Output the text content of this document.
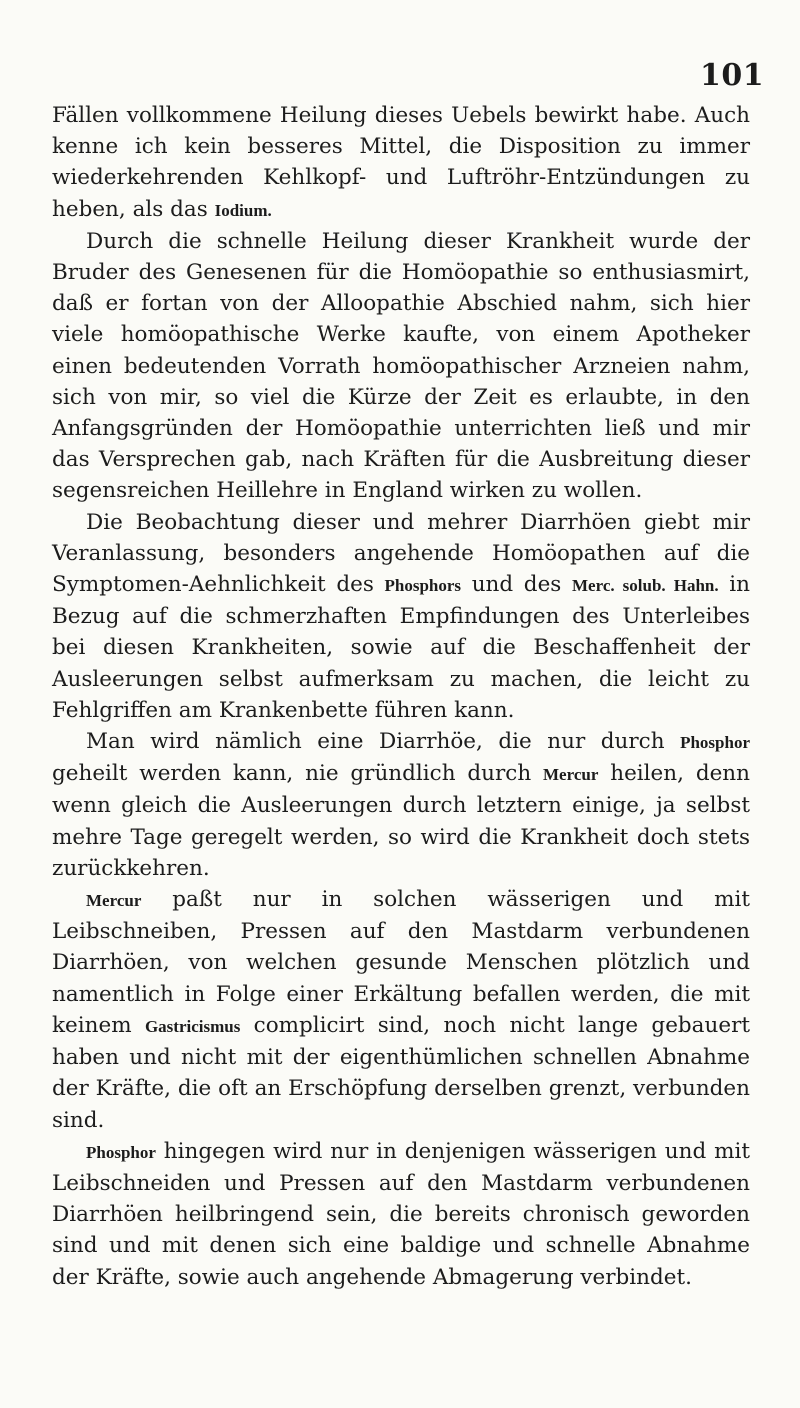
101

Fällen vollkommene Heilung dieses Uebels bewirkt habe. Auch kenne ich kein besseres Mittel, die Disposition zu immer wiederkehrenden Kehlkopf- und Luftröhr-Entzündungen zu heben, als das Iodium.

Durch die schnelle Heilung dieser Krankheit wurde der Bruder des Genesenen für die Homöopathie so enthusiasmirt, daß er fortan von der Alloopathie Abschied nahm, sich hier viele homöopathische Werke kaufte, von einem Apotheker einen bedeutenden Vorrath homöopathischer Arzneien nahm, sich von mir, so viel die Kürze der Zeit es erlaubte, in den Anfangsgründen der Homöopathie unterrichten ließ und mir das Versprechen gab, nach Kräften für die Ausbreitung dieser segensreichen Heillehre in England wirken zu wollen.

Die Beobachtung dieser und mehrer Diarrhöen giebt mir Veranlassung, besonders angehende Homöopathen auf die Symptomen-Aehnlichkeit des Phosphors und des Merc. solub. Hahn. in Bezug auf die schmerzhaften Empfindungen des Unterleibes bei diesen Krankheiten, sowie auf die Beschaffenheit der Ausleerungen selbst aufmerksam zu machen, die leicht zu Fehlgriffen am Krankenbette führen kann.

Man wird nämlich eine Diarrhöe, die nur durch Phosphor geheilt werden kann, nie gründlich durch Mercur heilen, denn wenn gleich die Ausleerungen durch letztern einige, ja selbst mehre Tage geregelt werden, so wird die Krankheit doch stets zurückkehren.

Mercur paßt nur in solchen wässerigen und mit Leibschneiben, Pressen auf den Mastdarm verbundenen Diarrhöen, von welchen gesunde Menschen plötzlich und namentlich in Folge einer Erkältung befallen werden, die mit keinem Gastricismus complicirt sind, noch nicht lange gebauert haben und nicht mit der eigenthümlichen schnellen Abnahme der Kräfte, die oft an Erschöpfung derselben grenzt, verbunden sind.

Phosphor hingegen wird nur in denjenigen wässerigen und mit Leibschneiden und Pressen auf den Mastdarm verbundenen Diarrhöen heilbringend sein, die bereits chronisch geworden sind und mit denen sich eine baldige und schnelle Abnahme der Kräfte, sowie auch angehende Abmagerung verbindet.
